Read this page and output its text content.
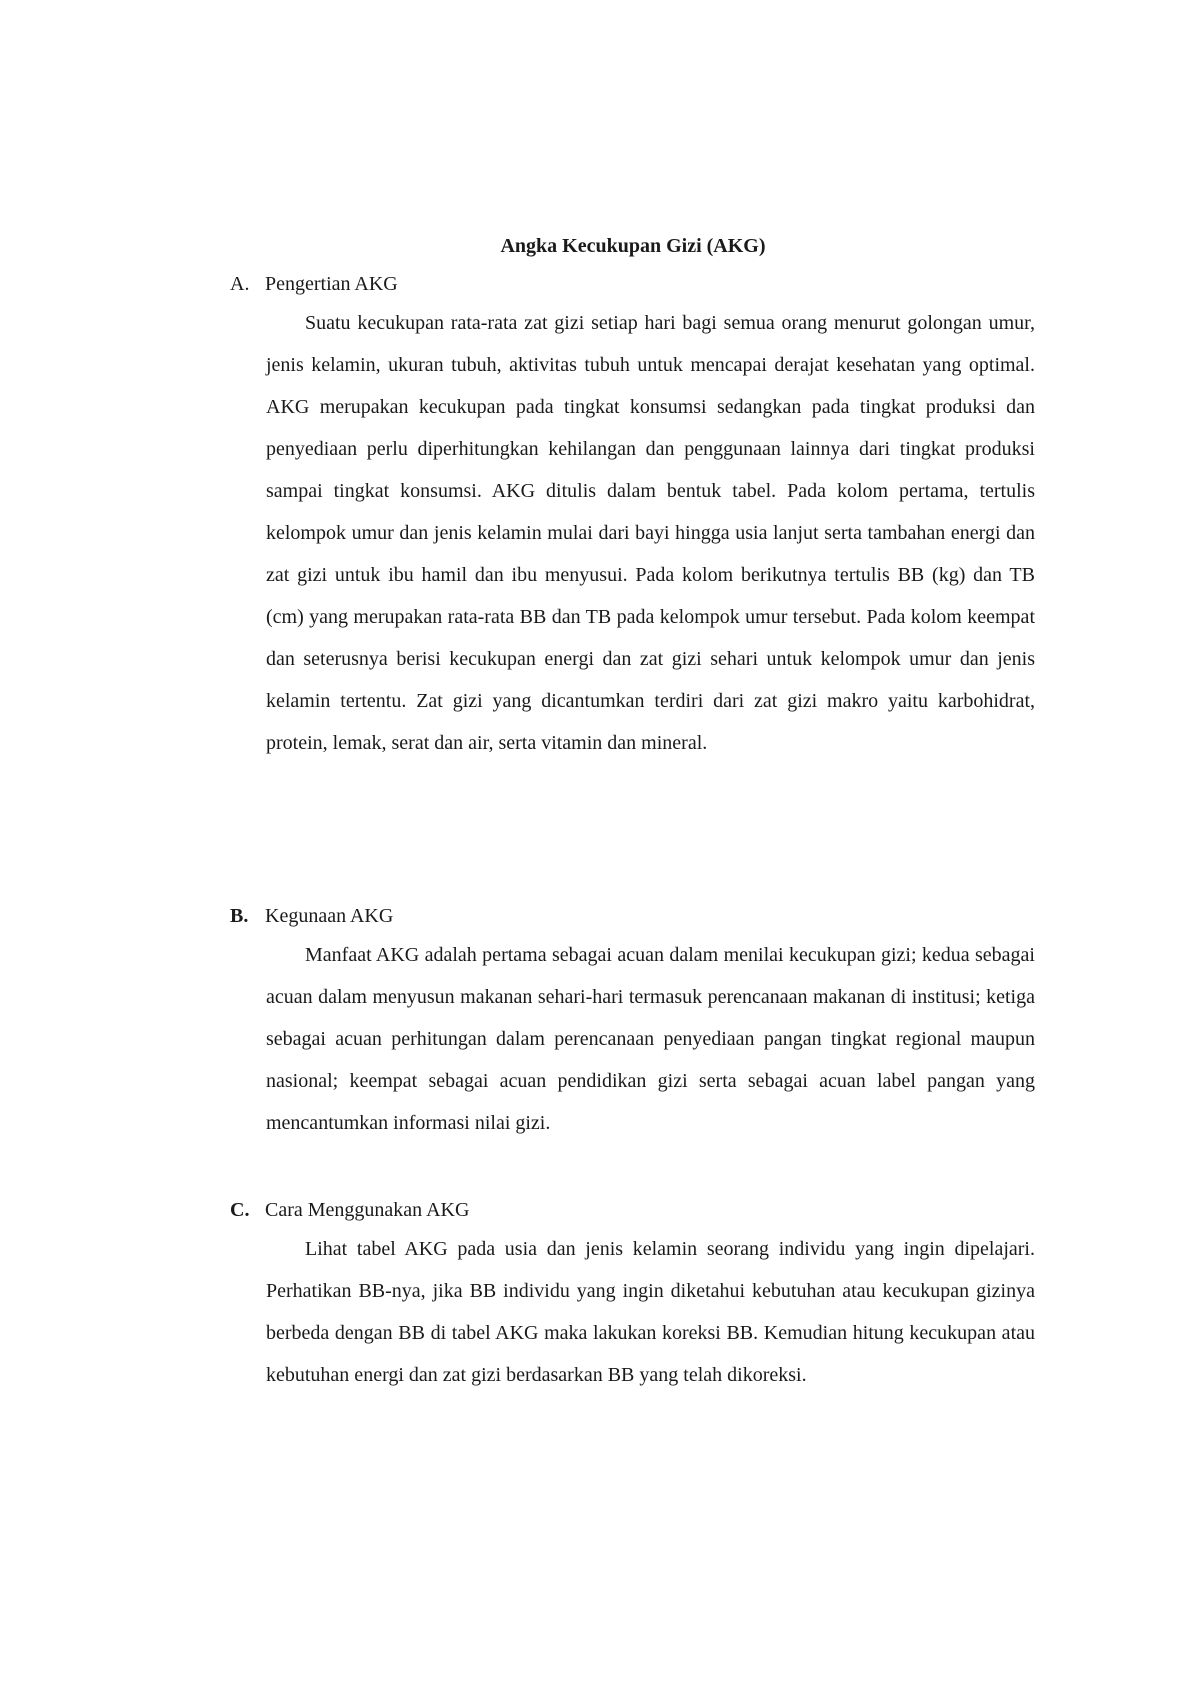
Angka Kecukupan Gizi (AKG)
A. Pengertian AKG
Suatu kecukupan rata-rata zat gizi setiap hari bagi semua orang menurut golongan umur, jenis kelamin, ukuran tubuh, aktivitas tubuh untuk mencapai derajat kesehatan yang optimal. AKG merupakan kecukupan pada tingkat konsumsi sedangkan pada tingkat produksi dan penyediaan perlu diperhitungkan kehilangan dan penggunaan lainnya dari tingkat produksi sampai tingkat konsumsi. AKG ditulis dalam bentuk tabel. Pada kolom pertama, tertulis kelompok umur dan jenis kelamin mulai dari bayi hingga usia lanjut serta tambahan energi dan zat gizi untuk ibu hamil dan ibu menyusui. Pada kolom berikutnya tertulis BB (kg) dan TB (cm) yang merupakan rata-rata BB dan TB pada kelompok umur tersebut. Pada kolom keempat dan seterusnya berisi kecukupan energi dan zat gizi sehari untuk kelompok umur dan jenis kelamin tertentu. Zat gizi yang dicantumkan terdiri dari zat gizi makro yaitu karbohidrat, protein, lemak, serat dan air, serta vitamin dan mineral.
B. Kegunaan AKG
Manfaat AKG adalah pertama sebagai acuan dalam menilai kecukupan gizi; kedua sebagai acuan dalam menyusun makanan sehari-hari termasuk perencanaan makanan di institusi; ketiga sebagai acuan perhitungan dalam perencanaan penyediaan pangan tingkat regional maupun nasional; keempat sebagai acuan pendidikan gizi serta sebagai acuan label pangan yang mencantumkan informasi nilai gizi.
C. Cara Menggunakan AKG
Lihat tabel AKG pada usia dan jenis kelamin seorang individu yang ingin dipelajari. Perhatikan BB-nya, jika BB individu yang ingin diketahui kebutuhan atau kecukupan gizinya berbeda dengan BB di tabel AKG maka lakukan koreksi BB. Kemudian hitung kecukupan atau kebutuhan energi dan zat gizi berdasarkan BB yang telah dikoreksi.
